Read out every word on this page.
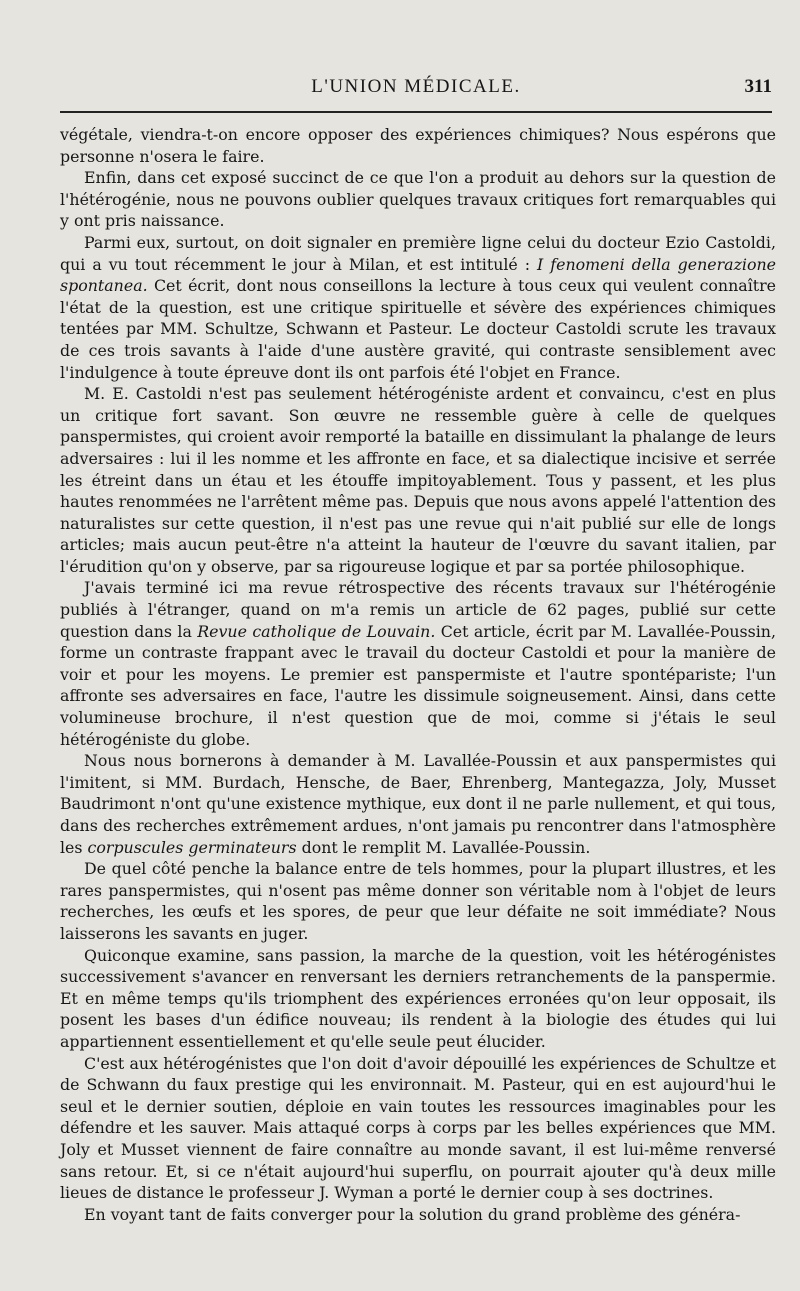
L'UNION MÉDICALE.	311

végétale, viendra-t-on encore opposer des expériences chimiques? Nous espérons que personne n'osera le faire.

Enfin, dans cet exposé succinct de ce que l'on a produit au dehors sur la question de l'hétérogénie, nous ne pouvons oublier quelques travaux critiques fort remarquables qui y ont pris naissance.

Parmi eux, surtout, on doit signaler en première ligne celui du docteur Ezio Castoldi, qui a vu tout récemment le jour à Milan, et est intitulé : I fenomeni della generazione spontanea. Cet écrit, dont nous conseillons la lecture à tous ceux qui veulent connaître l'état de la question, est une critique spirituelle et sévère des expériences chimiques tentées par MM. Schultze, Schwann et Pasteur. Le docteur Castoldi scrute les travaux de ces trois savants à l'aide d'une austère gravité, qui contraste sensiblement avec l'indulgence à toute épreuve dont ils ont parfois été l'objet en France.

M. E. Castoldi n'est pas seulement hétérogéniste ardent et convaincu, c'est en plus un critique fort savant. Son œuvre ne ressemble guère à celle de quelques panspermistes, qui croient avoir remporté la bataille en dissimulant la phalange de leurs adversaires : lui il les nomme et les affronte en face, et sa dialectique incisive et serrée les étreint dans un étau et les étouffe impitoyablement. Tous y passent, et les plus hautes renommées ne l'arrêtent même pas. Depuis que nous avons appelé l'attention des naturalistes sur cette question, il n'est pas une revue qui n'ait publié sur elle de longs articles; mais aucun peut-être n'a atteint la hauteur de l'œuvre du savant italien, par l'érudition qu'on y observe, par sa rigoureuse logique et par sa portée philosophique.

J'avais terminé ici ma revue rétrospective des récents travaux sur l'hétérogénie publiés à l'étranger, quand on m'a remis un article de 62 pages, publié sur cette question dans la Revue catholique de Louvain. Cet article, écrit par M. Lavallée-Poussin, forme un contraste frappant avec le travail du docteur Castoldi et pour la manière de voir et pour les moyens. Le premier est panspermiste et l'autre spontépariste; l'un affronte ses adversaires en face, l'autre les dissimule soigneusement. Ainsi, dans cette volumineuse brochure, il n'est question que de moi, comme si j'étais le seul hétérogéniste du globe.

Nous nous bornerons à demander à M. Lavallée-Poussin et aux panspermistes qui l'imitent, si MM. Burdach, Hensche, de Baer, Ehrenberg, Mantegazza, Joly, Musset Baudrimont n'ont qu'une existence mythique, eux dont il ne parle nullement, et qui tous, dans des recherches extrêmement ardues, n'ont jamais pu rencontrer dans l'atmosphère les corpuscules germinateurs dont le remplit M. Lavallée-Poussin.

De quel côté penche la balance entre de tels hommes, pour la plupart illustres, et les rares panspermistes, qui n'osent pas même donner son véritable nom à l'objet de leurs recherches, les œufs et les spores, de peur que leur défaite ne soit immédiate? Nous laisserons les savants en juger.

Quiconque examine, sans passion, la marche de la question, voit les hétérogénistes successivement s'avancer en renversant les derniers retranchements de la panspermie. Et en même temps qu'ils triomphent des expériences erronées qu'on leur opposait, ils posent les bases d'un édifice nouveau; ils rendent à la biologie des études qui lui appartiennent essentiellement et qu'elle seule peut élucider.

C'est aux hétérogénistes que l'on doit d'avoir dépouillé les expériences de Schultze et de Schwann du faux prestige qui les environnait. M. Pasteur, qui en est aujourd'hui le seul et le dernier soutien, déploie en vain toutes les ressources imaginables pour les défendre et les sauver. Mais attaqué corps à corps par les belles expériences que MM. Joly et Musset viennent de faire connaître au monde savant, il est lui-même renversé sans retour. Et, si ce n'était aujourd'hui superflu, on pourrait ajouter qu'à deux mille lieues de distance le professeur J. Wyman a porté le dernier coup à ses doctrines.

En voyant tant de faits converger pour la solution du grand problème des généra-
